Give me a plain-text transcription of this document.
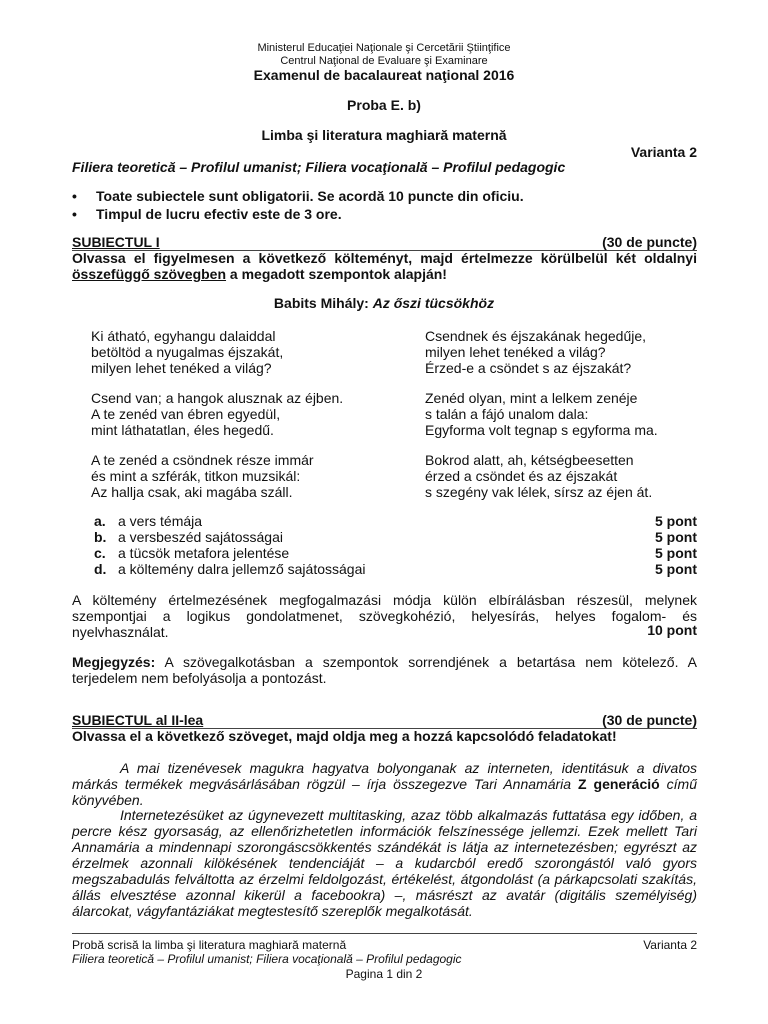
Ministerul Educaţiei Naţionale şi Cercetării Ştiinţifice
Centrul Naţional de Evaluare şi Examinare
Examenul de bacalaureat naţional 2016
Proba E. b)
Limba şi literatura maghiară maternă
Varianta 2
Filiera teoretică – Profilul umanist; Filiera vocaţională – Profilul pedagogic
• Toate subiectele sunt obligatorii. Se acordă 10 puncte din oficiu.
• Timpul de lucru efectiv este de 3 ore.
SUBIECTUL I	(30 de puncte)
Olvassa el figyelmesen a következő költeményt, majd értelmezze körülbelül két oldalnyi
összefüggő szövegben a megadott szempontok alapján!
Babits Mihály: Az őszi tücsökhöz
Ki átható, egyhangu dalaiddal
betöltöd a nyugalmas éjszakát,
milyen lehet tenéked a világ?
Csend van; a hangok alusznak az éjben.
A te zenéd van ébren egyedül,
mint láthatatlan, éles hegedű.
A te zenéd a csöndnek része immár
és mint a szférák, titkon muzsikál:
Az hallja csak, aki magába száll.
Csendnek és éjszakának hegedűje,
milyen lehet tenéked a világ?
Érzed-e a csöndet s az éjszakát?
Zenéd olyan, mint a lelkem zenéje
s talán a fájó unalom dala:
Egyforma volt tegnap s egyforma ma.
Bokrod alatt, ah, kétségbeesetten
érzed a csöndet és az éjszakát
s szegény vak lélek, sírsz az éjen át.
a. a vers témája	5 pont
b. a versbeszéd sajátosságai	5 pont
c. a tücsök metafora jelentése	5 pont
d. a költemény dalra jellemző sajátosságai	5 pont
A költemény értelmezésének megfogalmazási módja külön elbírálásban részesül, melynek szempontjai a logikus gondolatmenet, szövegkohézió, helyesírás, helyes fogalom- és nyelvhasználat.	10 pont
Megjegyzés: A szövegalkotásban a szempontok sorrendjének a betartása nem kötelező. A terjedelem nem befolyásolja a pontozást.
SUBIECTUL al II-lea	(30 de puncte)
Olvassa el a következő szöveget, majd oldja meg a hozzá kapcsolódó feladatokat!
A mai tizenévesek magukra hagyatva bolyonganak az interneten, identitásuk a divatos márkás termékek megvásárlásában rögzül – írja összegezve Tari Annamária Z generáció című könyvében.
Internetezésüket az úgynevezett multitasking, azaz több alkalmazás futtatása egy időben, a percre kész gyorsaság, az ellenőrizhetetlen információk felszínessége jellemzi. Ezek mellett Tari Annamária a mindennapi szorongáscsökkentés szándékát is látja az internetezésben; egyrészt az érzelmek azonnali kilökésének tendenciáját – a kudarcból eredő szorongástól való gyors megszabadulás felváltotta az érzelmi feldolgozást, értékelést, átgondolást (a párkapcsolati szakítás, állás elvesztése azonnal kikerül a facebookra) –, másrészt az avatár (digitális személyiség) álarcokat, vágyfantáziákat megtestesítő szereplők megalkotását.
Probă scrisă la limba şi literatura maghiară maternă	Varianta 2
Filiera teoretică – Profilul umanist; Filiera vocaţională – Profilul pedagogic
Pagina 1 din 2
